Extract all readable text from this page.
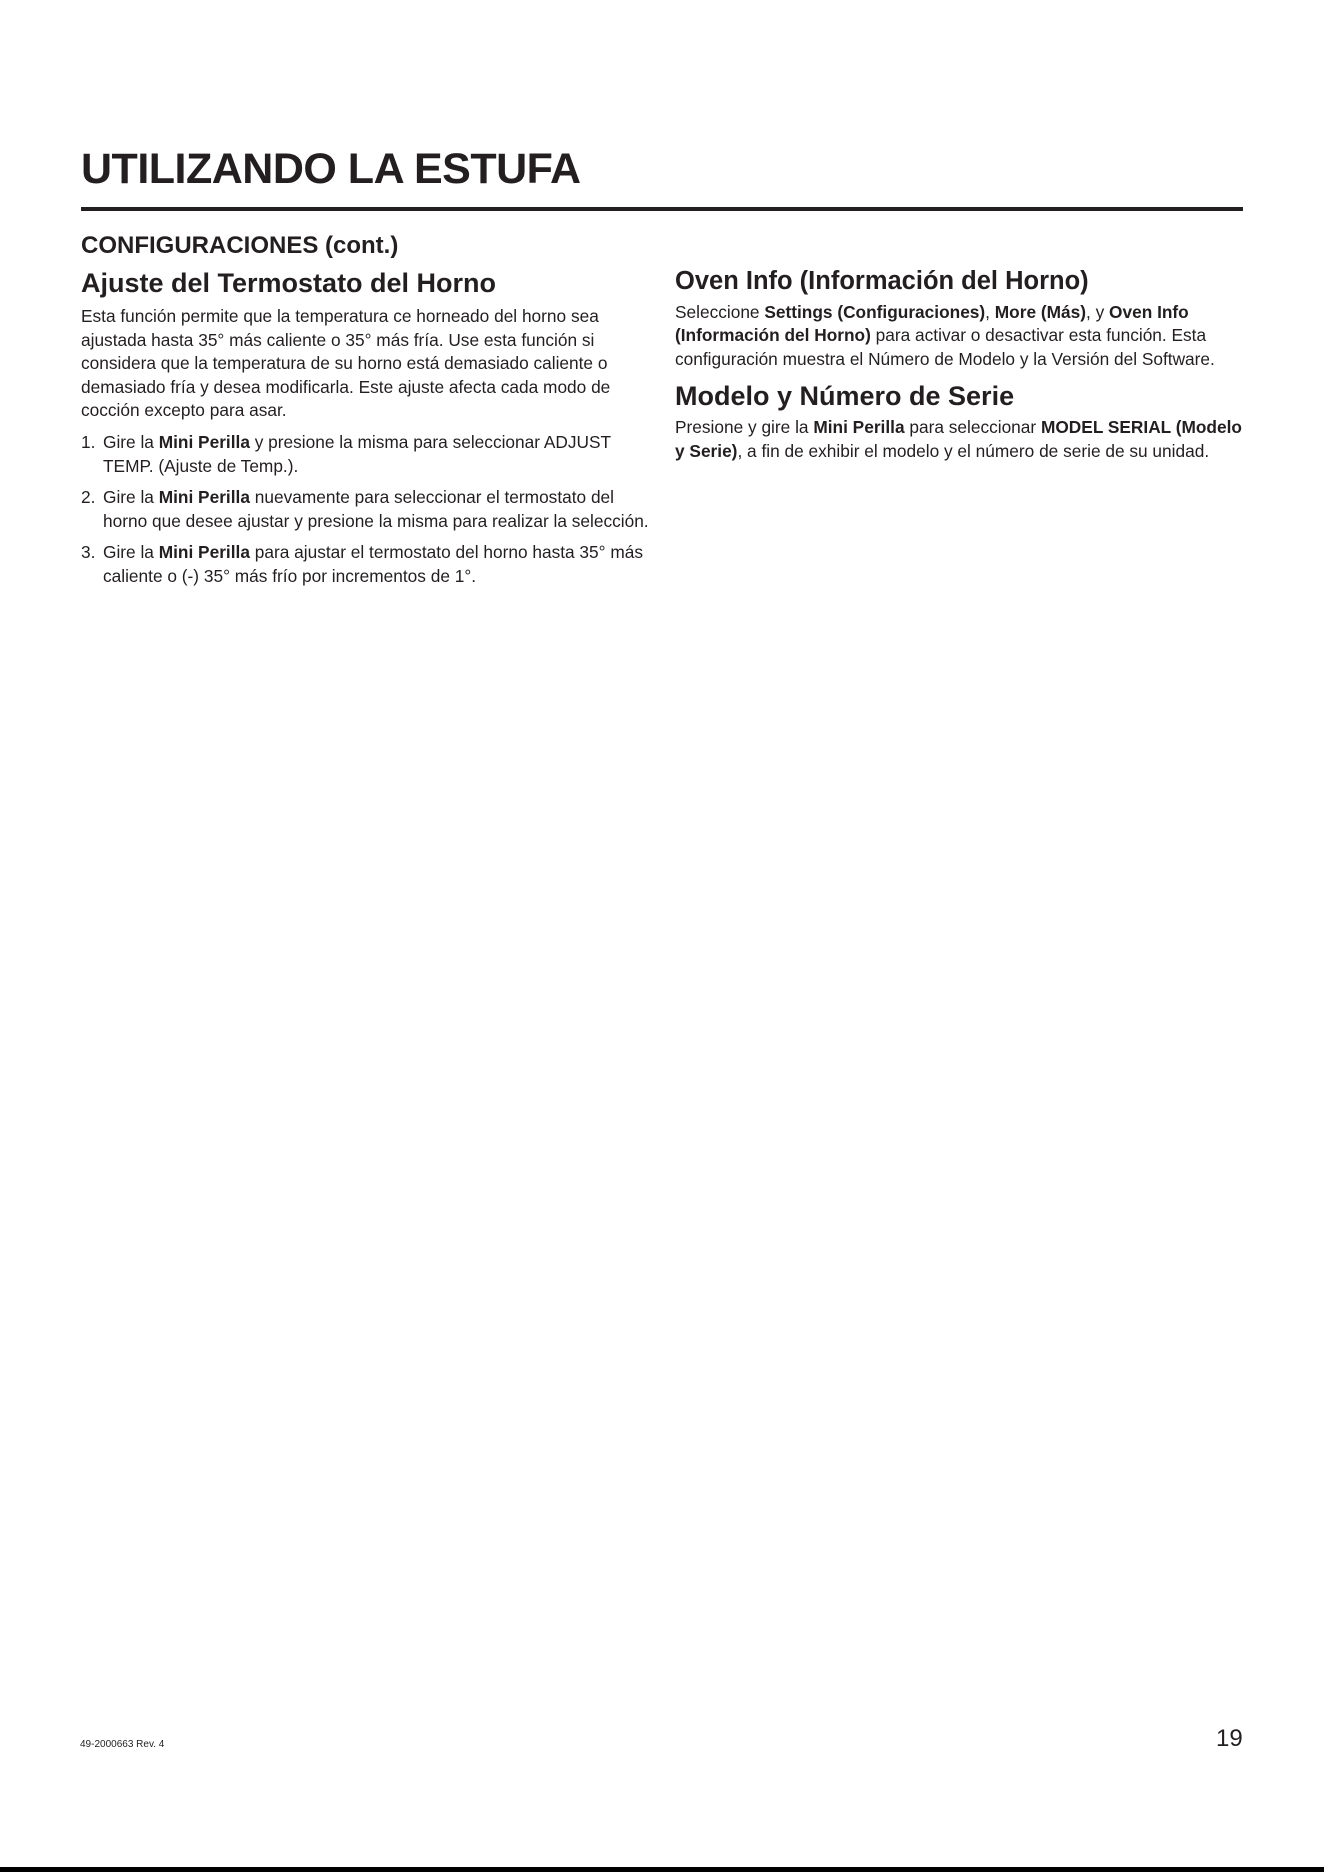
UTILIZANDO LA ESTUFA
CONFIGURACIONES (cont.)
Ajuste del Termostato del Horno

Esta función permite que la temperatura ce horneado del horno sea ajustada hasta 35° más caliente o 35° más fría. Use esta función si considera que la temperatura de su horno está demasiado caliente o demasiado fría y desea modificarla. Este ajuste afecta cada modo de cocción excepto para asar.

1. Gire la Mini Perilla y presione la misma para seleccionar ADJUST TEMP. (Ajuste de Temp.).
2. Gire la Mini Perilla nuevamente para seleccionar el termostato del horno que desee ajustar y presione la misma para realizar la selección.
3. Gire la Mini Perilla para ajustar el termostato del horno hasta 35° más caliente o (-) 35° más frío por incrementos de 1°.
Oven Info (Información del Horno)

Seleccione Settings (Configuraciones), More (Más), y Oven Info (Información del Horno) para activar o desactivar esta función. Esta configuración muestra el Número de Modelo y la Versión del Software.

Modelo y Número de Serie

Presione y gire la Mini Perilla para seleccionar MODEL SERIAL (Modelo y Serie), a fin de exhibir el modelo y el número de serie de su unidad.

49-2000663 Rev. 4	19
